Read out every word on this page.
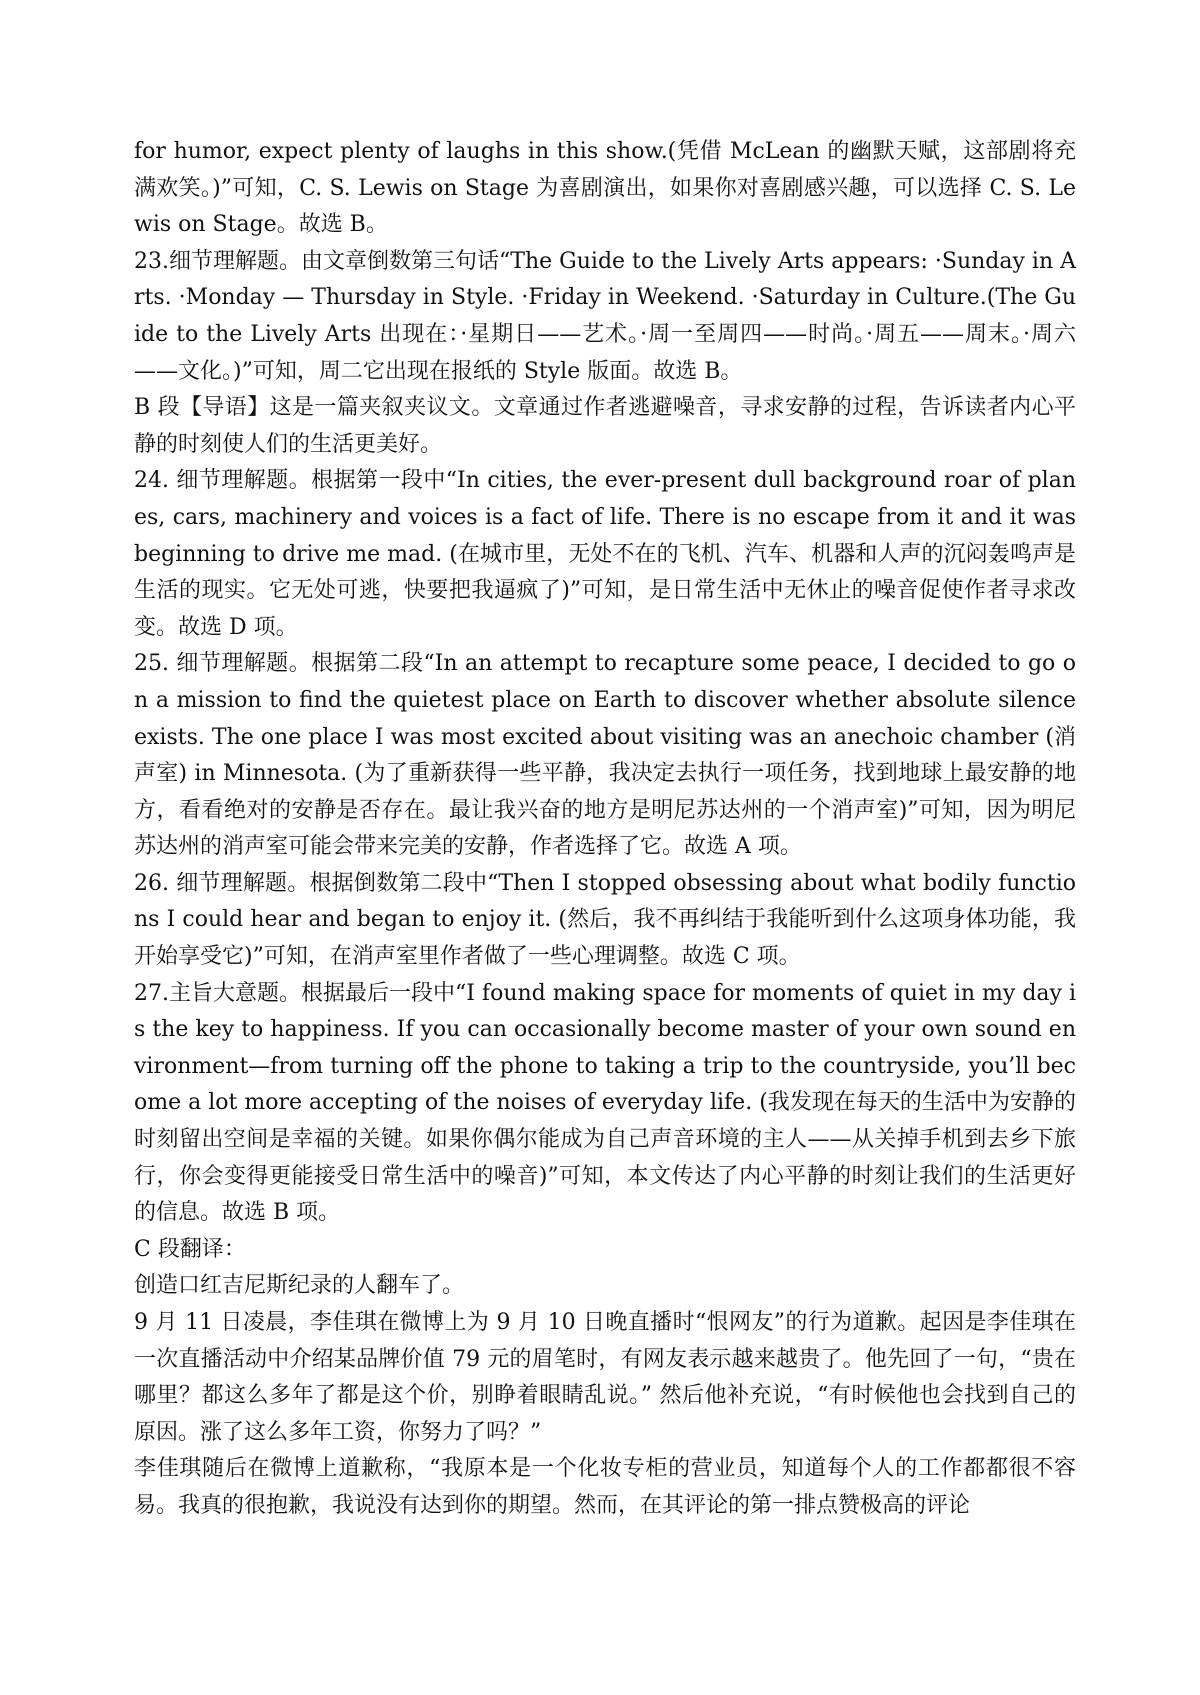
for humor, expect plenty of laughs in this show.(凭借 McLean 的幽默天赋，这部剧将充满欢笑。)”可知，C. S. Lewis on Stage 为喜剧演出，如果你对喜剧感兴趣，可以选择 C. S. Lewis on Stage。故选 B。

23.细节理解题。由文章倒数第三句话“The Guide to the Lively Arts appears: ·Sunday in Arts. ·Monday — Thursday in Style. ·Friday in Weekend. ·Saturday in Culture.(The Guide to the Lively Arts 出现在：·星期日——艺术。·周一至周四——时尚。·周五——周末。·周六——文化。)”可知，周二它出现在报纸的 Style 版面。故选 B。

B 段【导语】这是一篇夹叙夹议文。文章通过作者逃避噪音，寻求安静的过程，告诉读者内心平静的时刻使人们的生活更美好。

24. 细节理解题。根据第一段中“In cities, the ever-present dull background roar of planes, cars, machinery and voices is a fact of life. There is no escape from it and it was beginning to drive me mad. (在城市里，无处不在的飞机、汽车、机器和人声的沉闷轰鸣声是生活的现实。它无处可逃，快要把我逼疯了)”可知，是日常生活中无休止的噪音促使作者寻求改变。故选 D 项。

25. 细节理解题。根据第二段“In an attempt to recapture some peace, I decided to go on a mission to find the quietest place on Earth to discover whether absolute silence exists. The one place I was most excited about visiting was an anechoic chamber (消声室) in Minnesota. (为了重新获得一些平静，我决定去执行一项任务，找到地球上最安静的地方，看看绝对的安静是否存在。最让我兴奋的地方是明尼苏达州的一个消声室)”可知，因为明尼苏达州的消声室可能会带来完美的安静，作者选择了它。故选 A 项。

26. 细节理解题。根据倒数第二段中“Then I stopped obsessing about what bodily functions I could hear and began to enjoy it. (然后，我不再纠结于我能听到什么这项身体功能，我开始享受它)”可知，在消声室里作者做了一些心理调整。故选 C 项。

27.主旨大意题。根据最后一段中“I found making space for moments of quiet in my day is the key to happiness. If you can occasionally become master of your own sound environment—from turning off the phone to taking a trip to the countryside, you’ll become a lot more accepting of the noises of everyday life. (我发现在每天的生活中为安静的时刻留出空间是幸福的关键。如果你偶尔能成为自己声音环境的主人——从关掉手机到去乡下旅行，你会变得更能接受日常生活中的噪音)”可知，本文传达了内心平静的时刻让我们的生活更好的信息。故选 B 项。

C 段翻译：

创造口红吉尼斯纪录的人翻车了。

9 月 11 日凌晨，李佳琪在微博上为 9 月 10 日晚直播时“恨网友”的行为道歉。起因是李佳琪在一次直播活动中介绍某品牌价值 79 元的眉笔时，有网友表示越来越贵了。他先回了一句，“贵在哪里？都这么多年了都是这个价，别睁着眼睛乱说。” 然后他补充说，“有时候他也会找到自己的原因。涨了这么多年工资，你努力了吗？”

李佳琪随后在微博上道歉称，“我原本是一个化妆专柜的营业员，知道每个人的工作都都很不容易。我真的很抱歉，我说没有达到你的期望。然而，在其评论的第一排点赞极高的评论
